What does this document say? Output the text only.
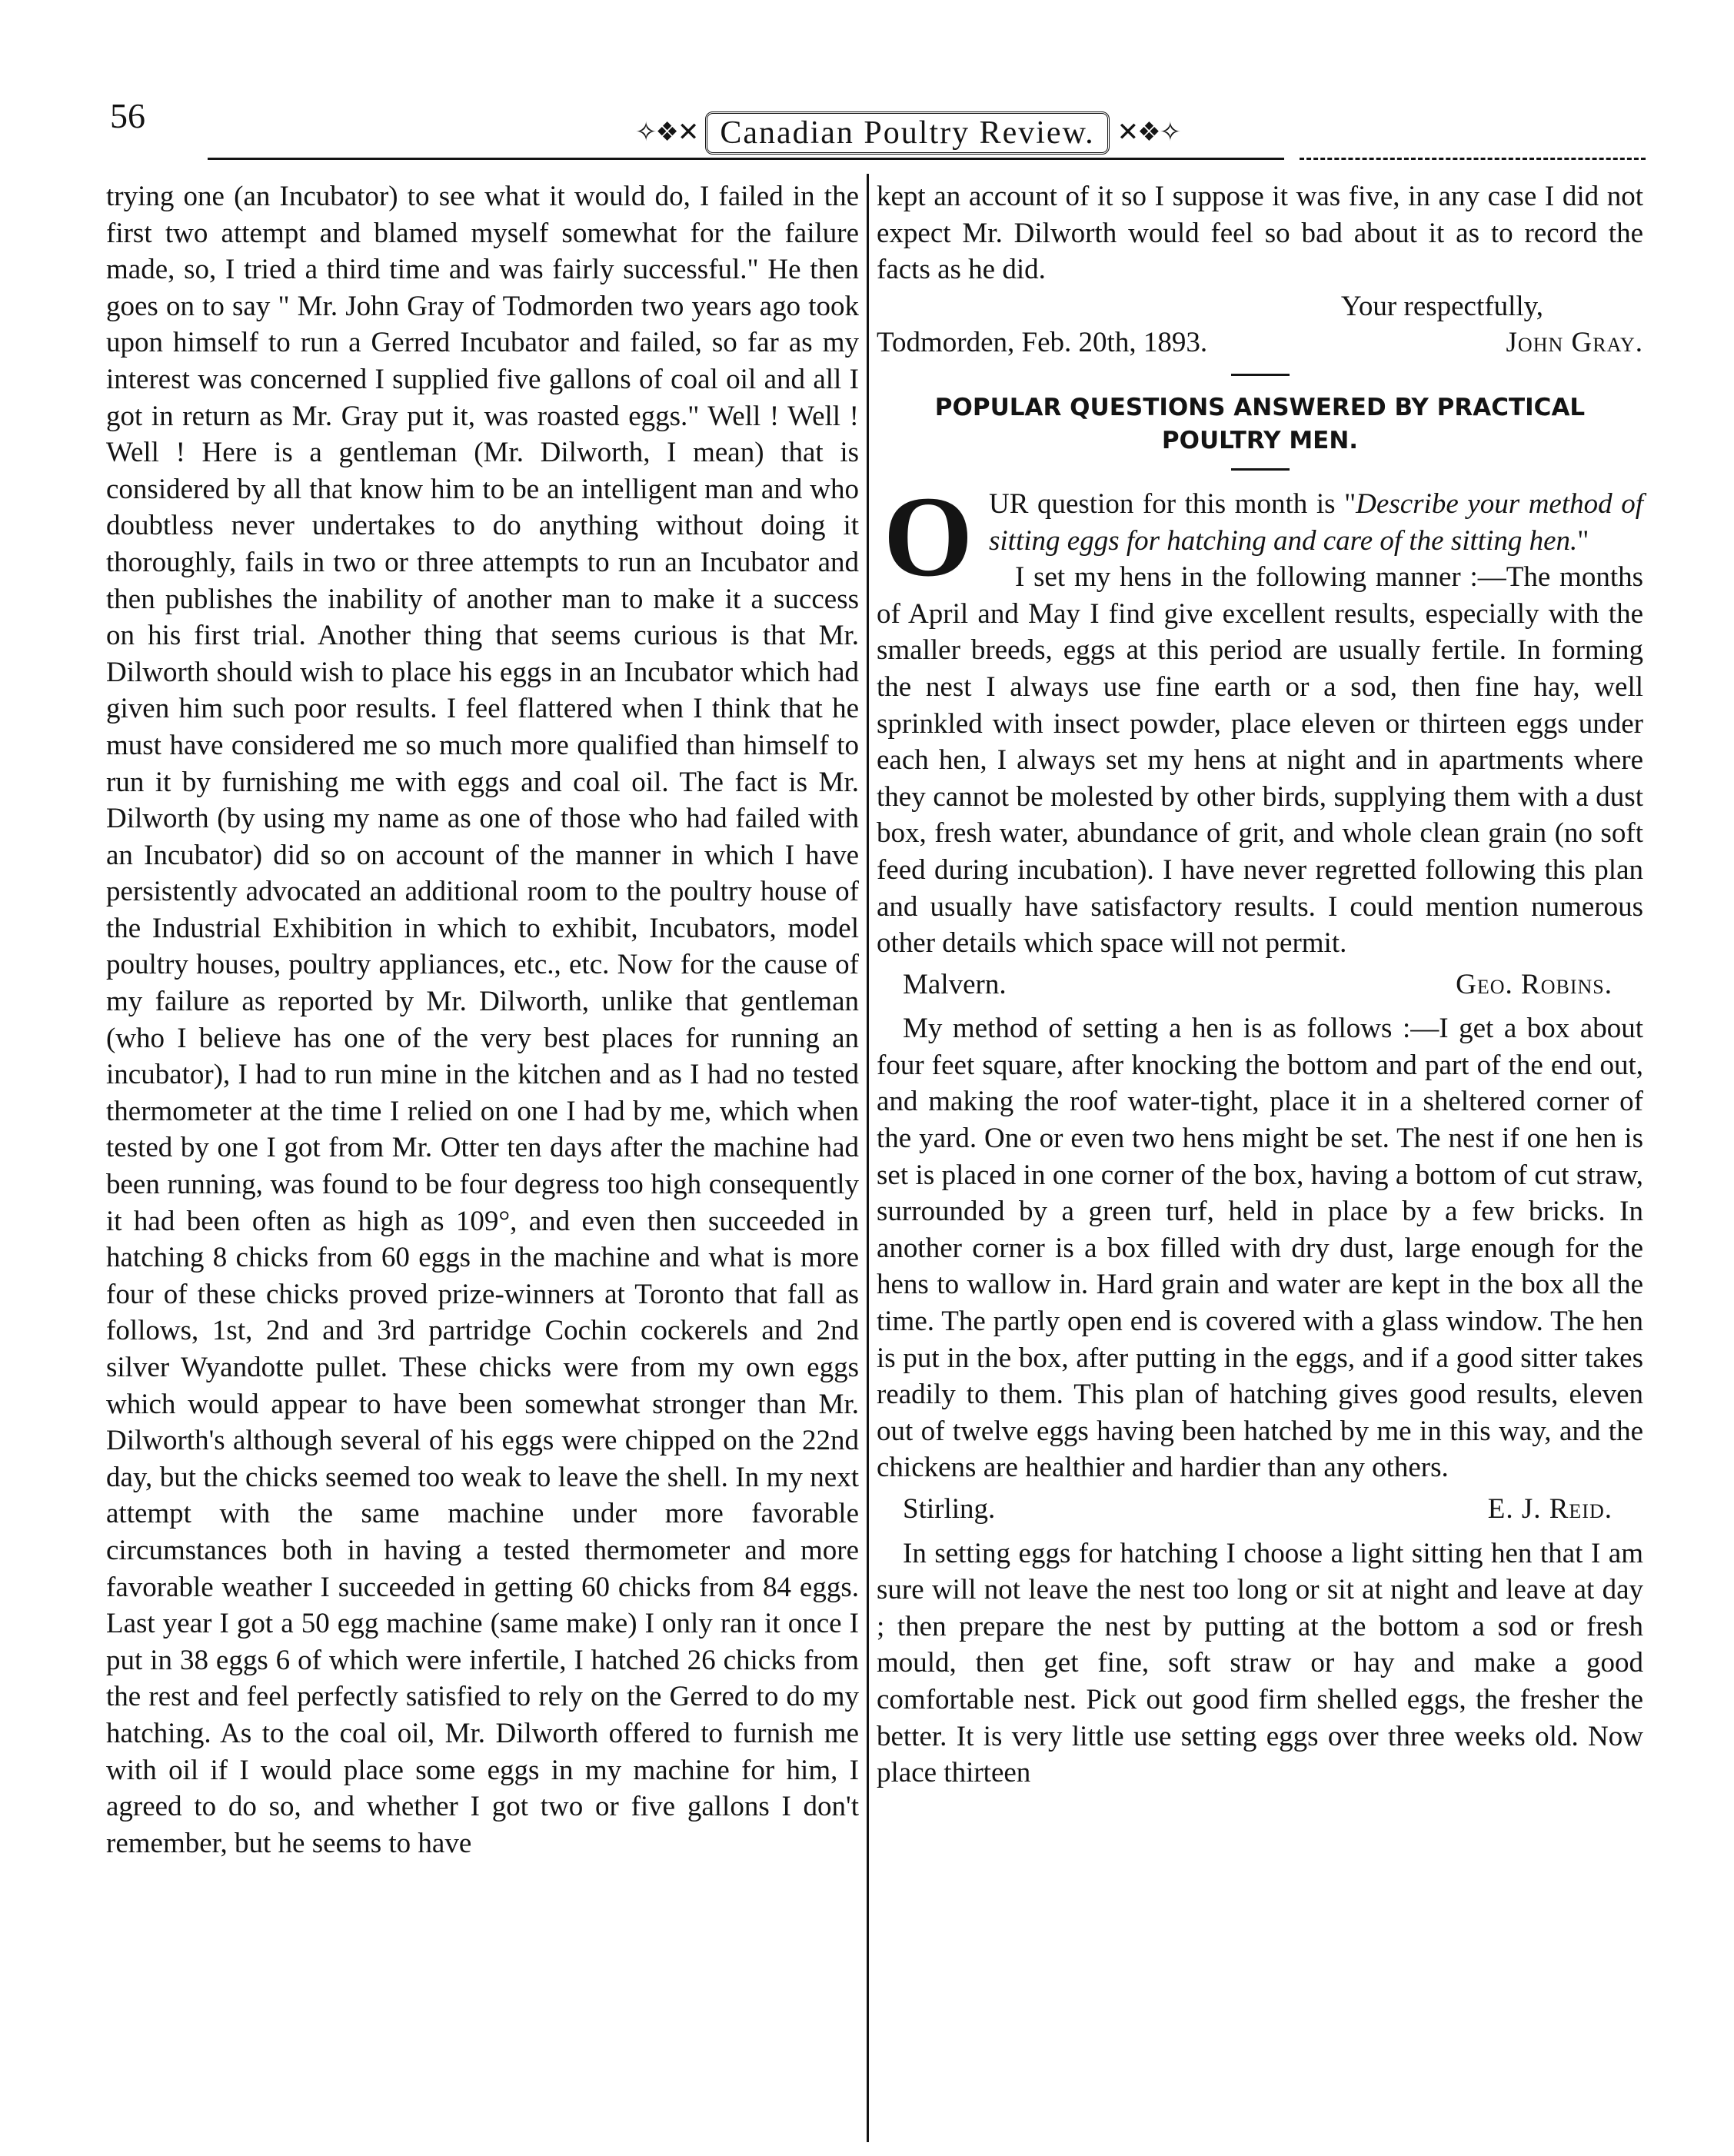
56	✧❖✕ Canadian Poultry Review. ✕❖✧

trying one (an Incubator) to see what it would do, I failed in the first two attempt and blamed myself somewhat for the failure made, so, I tried a third time and was fairly successful." He then goes on to say " Mr. John Gray of Todmorden two years ago took upon himself to run a Gerred Incubator and failed, so far as my interest was concerned I supplied five gallons of coal oil and all I got in return as Mr. Gray put it, was roasted eggs." Well ! Well ! Well ! Here is a gentleman (Mr. Dilworth, I mean) that is considered by all that know him to be an intelligent man and who doubtless never undertakes to do anything without doing it thoroughly, fails in two or three attempts to run an Incubator and then publishes the inability of another man to make it a success on his first trial. Another thing that seems curious is that Mr. Dilworth should wish to place his eggs in an Incubator which had given him such poor results. I feel flattered when I think that he must have considered me so much more qualified than himself to run it by furnishing me with eggs and coal oil. The fact is Mr. Dilworth (by using my name as one of those who had failed with an Incubator) did so on account of the manner in which I have persistently advocated an additional room to the poultry house of the Industrial Exhibition in which to exhibit, Incubators, model poultry houses, poultry appliances, etc., etc. Now for the cause of my failure as reported by Mr. Dilworth, unlike that gentleman (who I believe has one of the very best places for running an incubator), I had to run mine in the kitchen and as I had no tested thermometer at the time I relied on one I had by me, which when tested by one I got from Mr. Otter ten days after the machine had been running, was found to be four degress too high consequently it had been often as high as 109°, and even then succeeded in hatching 8 chicks from 60 eggs in the machine and what is more four of these chicks proved prize-winners at Toronto that fall as follows, 1st, 2nd and 3rd partridge Cochin cockerels and 2nd silver Wyandotte pullet. These chicks were from my own eggs which would appear to have been somewhat stronger than Mr. Dilworth's although several of his eggs were chipped on the 22nd day, but the chicks seemed too weak to leave the shell. In my next attempt with the same machine under more favorable circumstances both in having a tested thermometer and more favorable weather I succeeded in getting 60 chicks from 84 eggs. Last year I got a 50 egg machine (same make) I only ran it once I put in 38 eggs 6 of which were infertile, I hatched 26 chicks from the rest and feel perfectly satisfied to rely on the Gerred to do my hatching. As to the coal oil, Mr. Dilworth offered to furnish me with oil if I would place some eggs in my machine for him, I agreed to do so, and whether I got two or five gallons I don't remember, but he seems to have

kept an account of it so I suppose it was five, in any case I did not expect Mr. Dilworth would feel so bad about it as to record the facts as he did.

Your respectfully,

Todmorden, Feb. 20th, 1893.	John Gray.
POPULAR QUESTIONS ANSWERED BY PRACTICAL POULTRY MEN.

O UR question for this month is "Describe your method of sitting eggs for hatching and care of the sitting hen."

I set my hens in the following manner :—The months of April and May I find give excellent results, especially with the smaller breeds, eggs at this period are usually fertile. In forming the nest I always use fine earth or a sod, then fine hay, well sprinkled with insect powder, place eleven or thirteen eggs under each hen, I always set my hens at night and in apartments where they cannot be molested by other birds, supplying them with a dust box, fresh water, abundance of grit, and whole clean grain (no soft feed during incubation). I have never regretted following this plan and usually have satisfactory results. I could mention numerous other details which space will not permit.

Malvern.	Geo. Robins.

My method of setting a hen is as follows :—I get a box about four feet square, after knocking the bottom and part of the end out, and making the roof water-tight, place it in a sheltered corner of the yard. One or even two hens might be set. The nest if one hen is set is placed in one corner of the box, having a bottom of cut straw, surrounded by a green turf, held in place by a few bricks. In another corner is a box filled with dry dust, large enough for the hens to wallow in. Hard grain and water are kept in the box all the time. The partly open end is covered with a glass window. The hen is put in the box, after putting in the eggs, and if a good sitter takes readily to them. This plan of hatching gives good results, eleven out of twelve eggs having been hatched by me in this way, and the chickens are healthier and hardier than any others.

Stirling.	E. J. Reid.

In setting eggs for hatching I choose a light sitting hen that I am sure will not leave the nest too long or sit at night and leave at day ; then prepare the nest by putting at the bottom a sod or fresh mould, then get fine, soft straw or hay and make a good comfortable nest. Pick out good firm shelled eggs, the fresher the better. It is very little use setting eggs over three weeks old. Now place thirteen
